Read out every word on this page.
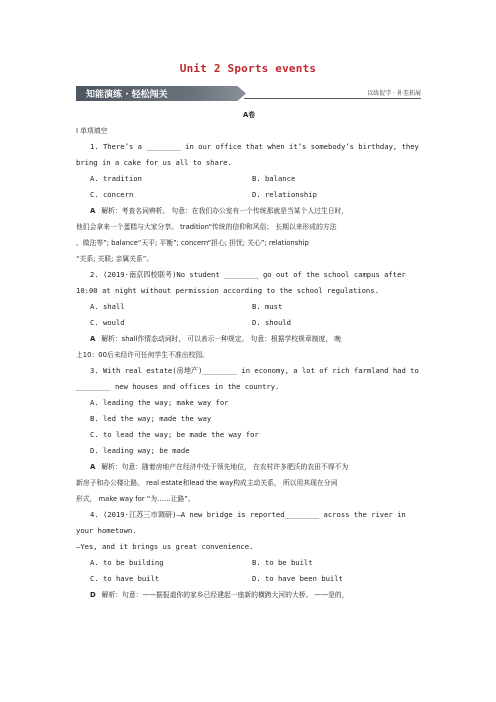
Unit 2 Sports events
知能演练 · 轻松闯关	以练促学 · 补差拓展
A卷
Ⅰ 单项填空
1. There’s a ________ in our office that when it’s somebody’s birthday, they
bring in a cake for us all to share.
A. tradition	B. balance
C. concern	D. relationship
A 解析：考查名词辨析。 句意：在我们办公室有一个传统那就是当某个人过生日时，
他们会拿来一个蛋糕与大家分享。 tradition“传统的信仰和风俗； 长期以来形成的方法
、做法等”; balance“天平; 平衡”; concern“担心; 担忧; 关心”; relationship
“关系; 关联; 亲属关系”。
2. (2019·南京四校联考)No student ________ go out of the school campus after
10:00 at night without permission according to the school regulations.
A. shall	B. must
C. would	D. should
A 解析：shall作情态动词时， 可以表示一种规定。 句意：根据学校规章制度， 晚
上10：00后未经许可任何学生不准出校园。
3. With real estate(房地产)________ in economy, a lot of rich farmland had to
________ new houses and offices in the country.
A. leading the way; make way for
B. led the way; made the way
C. to lead the way; be made the way for
D. leading way; be made
A 解析：句意：随着房地产在经济中处于领先地位， 在农村许多肥沃的农田不得不为
新房子和办公楼让路。 real estate和lead the way构成主动关系， 所以用其现在分词
形式， make way for “为……让路”。
4. (2019·江苏三市调研)—A new bridge is reported________ across the river in
your hometown.
—Yes, and it brings us great convenience.
A. to be building	B. to be built
C. to have built	D. to have been built
D 解析：句意：——据报道你的家乡已经建起一座新的横跨大河的大桥。 ——是的，
